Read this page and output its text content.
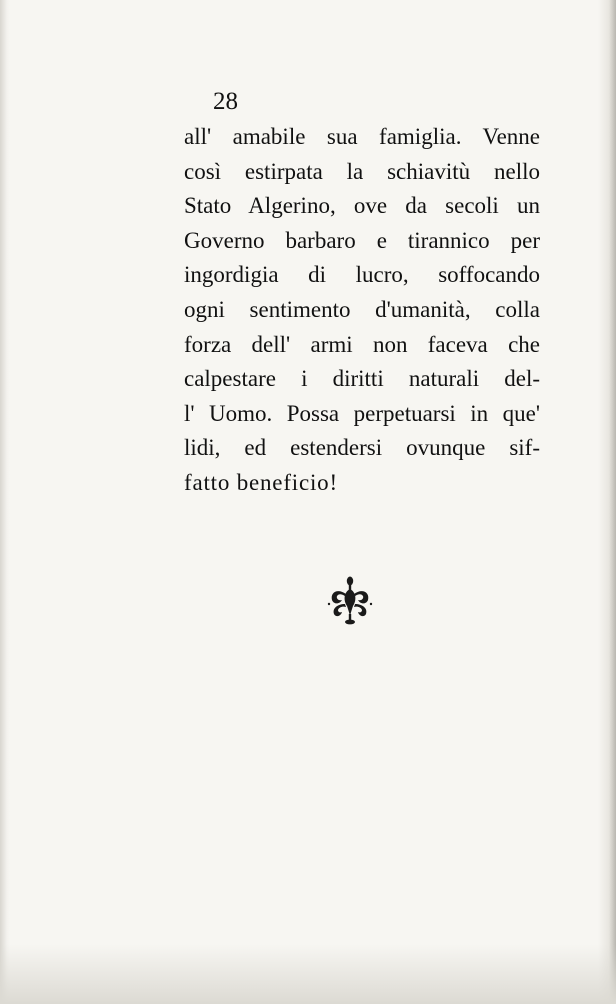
28
all' amabile sua famiglia. Venne
così estirpata la schiavitù nello
Stato Algerino, ove da secoli un
Governo barbaro e tirannico per
ingordigia di lucro, soffocando
ogni sentimento d'umanità, colla
forza dell' armi non faceva che
calpestare i diritti naturali del-
l' Uomo. Possa perpetuarsi in que'
lidi, ed estendersi ovunque sif-
fatto beneficio!
